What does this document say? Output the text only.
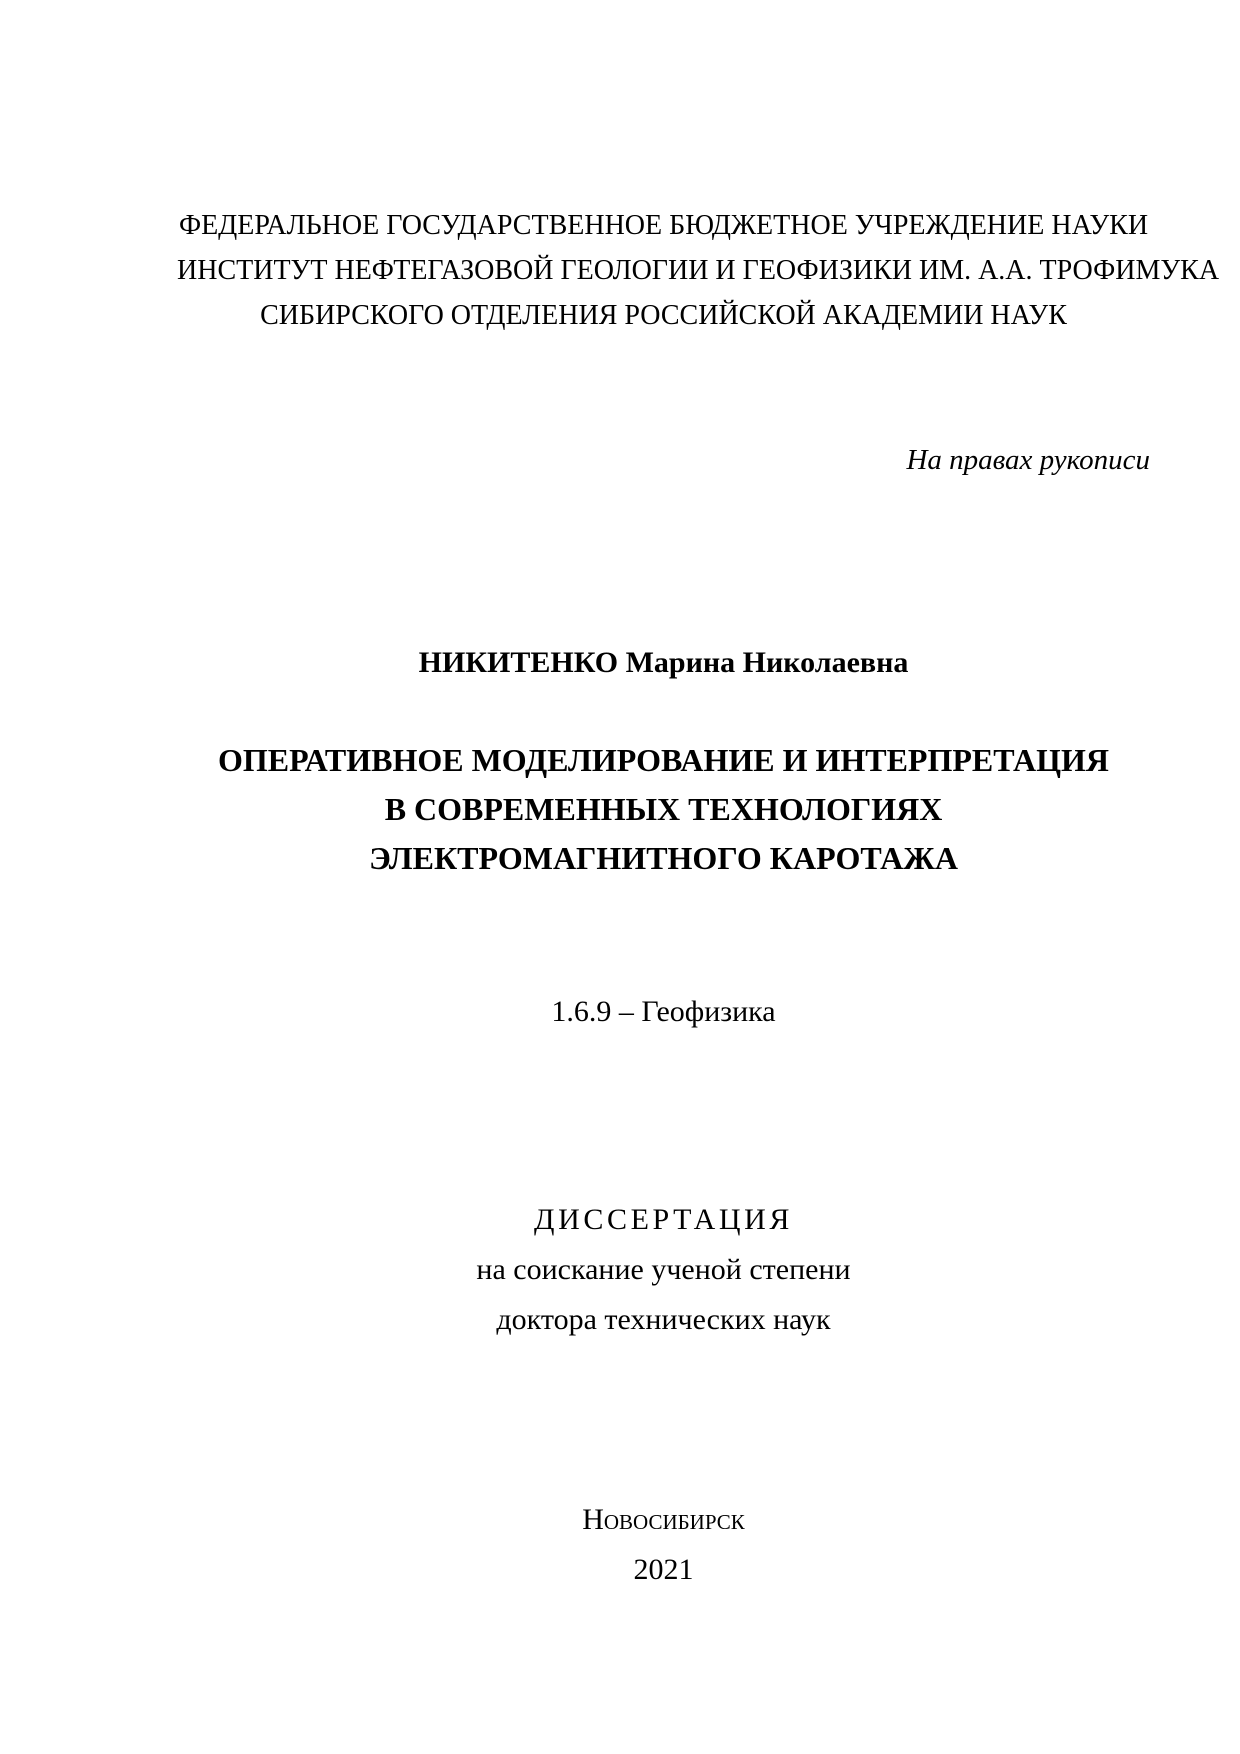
ФЕДЕРАЛЬНОЕ ГОСУДАРСТВЕННОЕ БЮДЖЕТНОЕ УЧРЕЖДЕНИЕ НАУКИ
ИНСТИТУТ НЕФТЕГАЗОВОЙ ГЕОЛОГИИ И ГЕОФИЗИКИ ИМ. А.А. ТРОФИМУКА
СИБИРСКОГО ОТДЕЛЕНИЯ РОССИЙСКОЙ АКАДЕМИИ НАУК
На правах рукописи
НИКИТЕНКО Марина Николаевна
ОПЕРАТИВНОЕ МОДЕЛИРОВАНИЕ И ИНТЕРПРЕТАЦИЯ
В СОВРЕМЕННЫХ ТЕХНОЛОГИЯХ
ЭЛЕКТРОМАГНИТНОГО КАРОТАЖА
1.6.9 – Геофизика
ДИССЕРТАЦИЯ
на соискание ученой степени
доктора технических наук
Новосибирск
2021
